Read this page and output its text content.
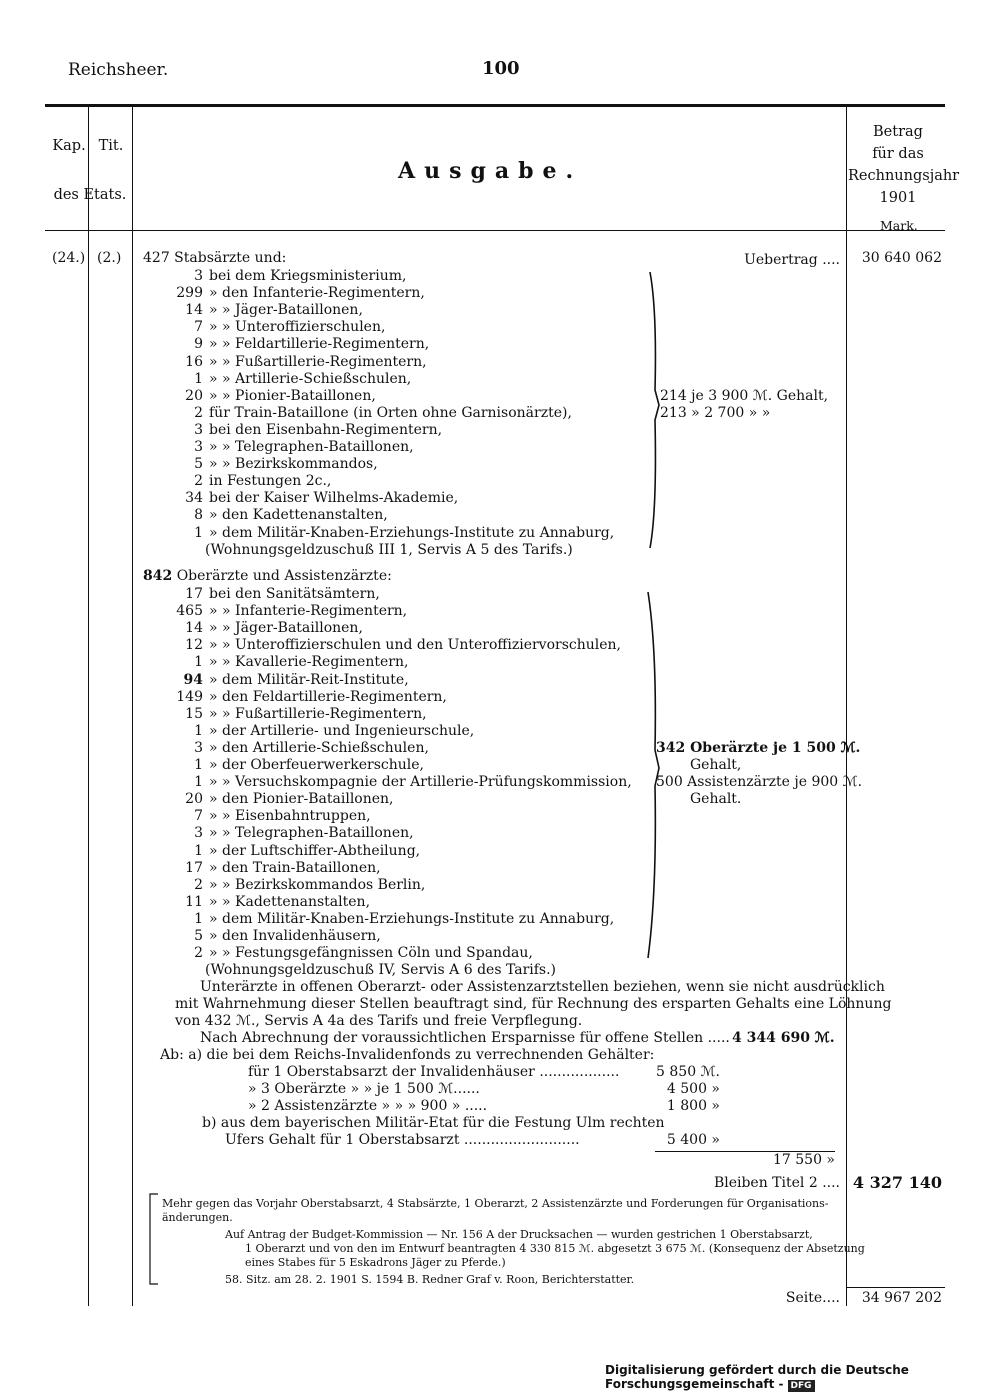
Reichsheer.	100
Kap. Tit.
des Etats.
Ausgabe.
Betrag
für das
Rechnungsjahr
1901
Mark.
(24.) (2.)	Uebertrag ....	30 640 062
427 Stabsärzte und:
3 bei dem Kriegsministerium,
299 » den Infanterie-Regimentern,
14 » » Jäger-Bataillonen,
7 » » Unteroffizierschulen,
9 » » Feldartillerie-Regimentern,
16 » » Fußartillerie-Regimentern,
1 » » Artillerie-Schießschulen,
20 » » Pionier-Bataillonen,
2 für Train-Bataillone (in Orten ohne Garnisonärzte),
3 bei den Eisenbahn-Regimentern,
3 » » Telegraphen-Bataillonen,
5 » » Bezirkskommandos,
2 in Festungen 2c.,
34 bei der Kaiser Wilhelms-Akademie,
8 » den Kadettenanstalten,
1 » dem Militär-Knaben-Erziehungs-Institute zu Annaburg,
(Wohnungsgeldzuschuß III 1, Servis A 5 des Tarifs.)
214 je 3 900 ℳ. Gehalt,
213 » 2 700 » »
842 Oberärzte und Assistenzärzte:
17 bei den Sanitätsämtern,
465 » » Infanterie-Regimentern,
14 » » Jäger-Bataillonen,
12 » » Unteroffizierschulen und den Unteroffiziervorschulen,
1 » » Kavallerie-Regimentern,
94 » dem Militär-Reit-Institute,
149 » den Feldartillerie-Regimentern,
15 » » Fußartillerie-Regimentern,
1 » der Artillerie- und Ingenieurschule,
3 » den Artillerie-Schießschulen,
1 » der Oberfeuerwerkerschule,
1 » » Versuchskompagnie der Artillerie-Prüfungskommission,
20 » den Pionier-Bataillonen,
7 » » Eisenbahntruppen,
3 » » Telegraphen-Bataillonen,
1 » der Luftschiffer-Abtheilung,
17 » den Train-Bataillonen,
2 » » Bezirkskommandos Berlin,
11 » » Kadettenanstalten,
1 » dem Militär-Knaben-Erziehungs-Institute zu Annaburg,
5 » den Invalidenhäusern,
2 » » Festungsgefängnissen Cöln und Spandau,
(Wohnungsgeldzuschuß IV, Servis A 6 des Tarifs.)
342 Oberärzte je 1 500 ℳ.
Gehalt,
500 Assistenzärzte je 900 ℳ.
Gehalt.
Unterärzte in offenen Oberarzt- oder Assistenzarztstellen beziehen, wenn sie nicht ausdrücklich
mit Wahrnehmung dieser Stellen beauftragt sind, für Rechnung des ersparten Gehalts eine Löhnung
von 432 ℳ., Servis A 4a des Tarifs und freie Verpflegung.
Nach Abrechnung der voraussichtlichen Ersparnisse für offene Stellen ..... 4 344 690 ℳ.
Ab: a) die bei dem Reichs-Invalidenfonds zu verrechnenden Gehälter:
für 1 Oberstabsarzt der Invalidenhäuser ..................	5 850 ℳ.
» 3 Oberärzte » » je 1 500 ℳ......	4 500 »
» 2 Assistenzärzte » » » 900 » .....	1 800 »
b) aus dem bayerischen Militär-Etat für die Festung Ulm rechten
Ufers Gehalt für 1 Oberstabsarzt ..........................	5 400 »
17 550 »
Bleiben Titel 2 .... 4 327 140
Mehr gegen das Vorjahr Oberstabsarzt, 4 Stabsärzte, 1 Oberarzt, 2 Assistenzärzte und Forderungen für Organisations-
änderungen.
Auf Antrag der Budget-Kommission — Nr. 156 A der Drucksachen — wurden gestrichen 1 Oberstabsarzt,
1 Oberarzt und von den im Entwurf beantragten 4 330 815 ℳ. abgesetzt 3 675 ℳ. (Konsequenz der Absetzung
eines Stabes für 5 Eskadrons Jäger zu Pferde.)
58. Sitz. am 28. 2. 1901 S. 1594 B. Redner Graf v. Roon, Berichterstatter.
Seite....	34 967 202
Digitalisierung gefördert durch die Deutsche Forschungsgemeinschaft - DFG
